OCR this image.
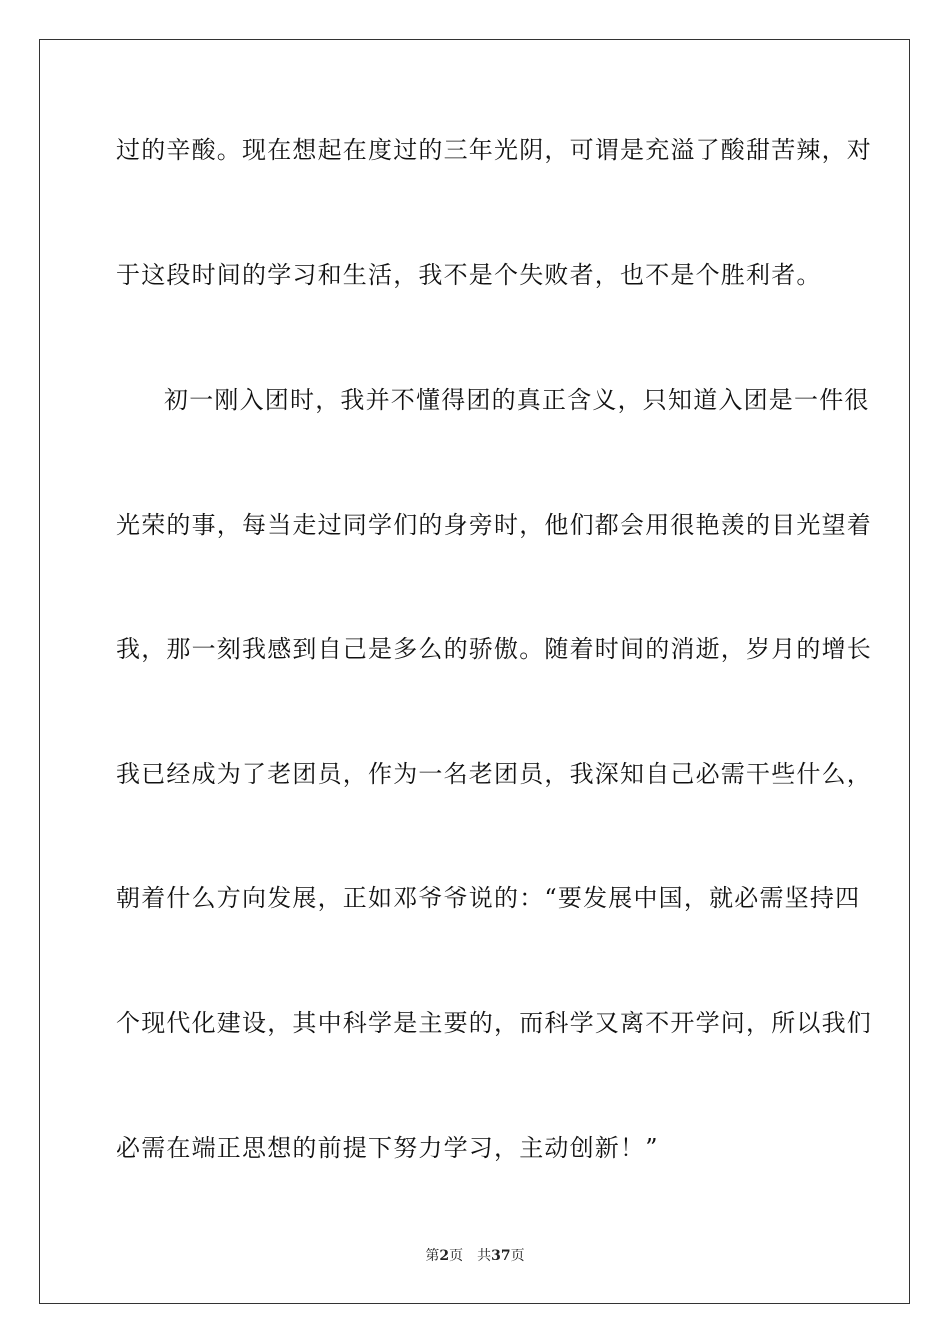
过的辛酸。现在想起在度过的三年光阴，可谓是充溢了酸甜苦辣，对
于这段时间的学习和生活，我不是个失败者，也不是个胜利者。
初一刚入团时，我并不懂得团的真正含义，只知道入团是一件很
光荣的事，每当走过同学们的身旁时，他们都会用很艳羡的目光望着
我，那一刻我感到自己是多么的骄傲。随着时间的消逝，岁月的增长
我已经成为了老团员，作为一名老团员，我深知自己必需干些什么，
朝着什么方向发展，正如邓爷爷说的：“要发展中国，就必需坚持四
个现代化建设，其中科学是主要的，而科学又离不开学问，所以我们
必需在端正思想的前提下努力学习，主动创新！”
第2页 共37页
